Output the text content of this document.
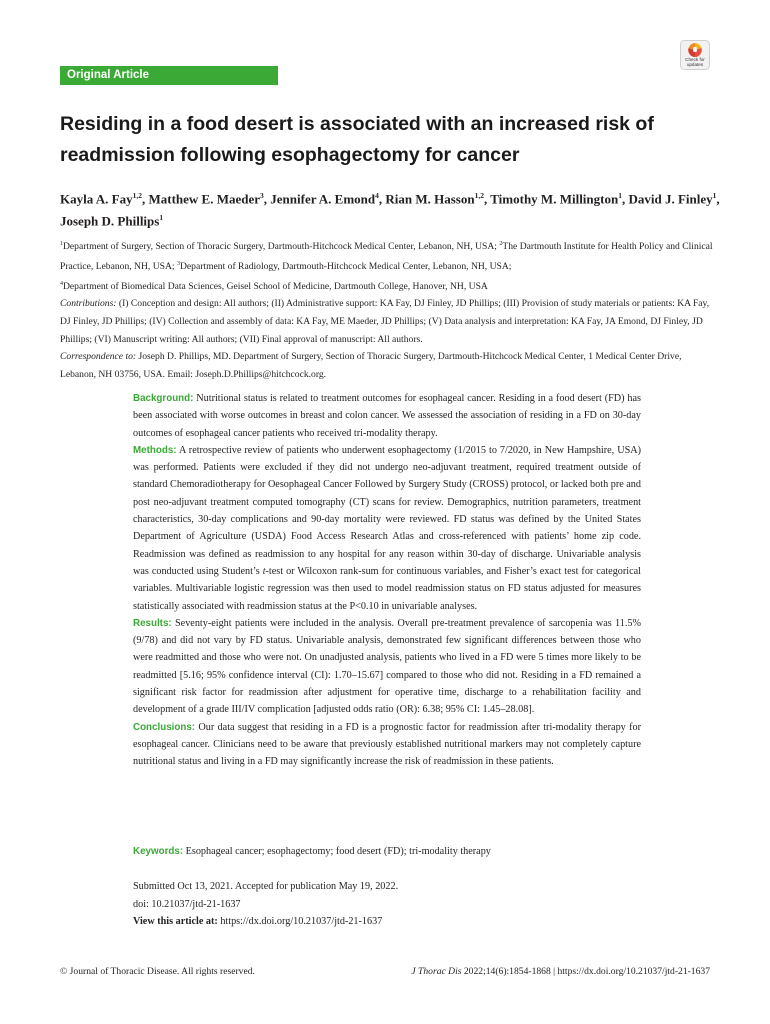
Check for
updates
Original Article
Residing in a food desert is associated with an increased risk of readmission following esophagectomy for cancer
Kayla A. Fay$^{1,2}$, Matthew E. Maeder$^3$, Jennifer A. Emond$^4$, Rian M. Hasson$^{1,2}$, Timothy M. Millington$^1$, David J. Finley$^1$, Joseph D. Phillips$^1$

$^1$Department of Surgery, Section of Thoracic Surgery, Dartmouth-Hitchcock Medical Center, Lebanon, NH, USA; $^2$The Dartmouth Institute for Health Policy and Clinical Practice, Lebanon, NH, USA; $^3$Department of Radiology, Dartmouth-Hitchcock Medical Center, Lebanon, NH, USA;
$^4$Department of Biomedical Data Sciences, Geisel School of Medicine, Dartmouth College, Hanover, NH, USA

Contributions: (I) Conception and design: All authors; (II) Administrative support: KA Fay, DJ Finley, JD Phillips; (III) Provision of study materials or patients: KA Fay, DJ Finley, JD Phillips; (IV) Collection and assembly of data: KA Fay, ME Maeder, JD Phillips; (V) Data analysis and interpretation: KA Fay, JA Emond, DJ Finley, JD Phillips; (VI) Manuscript writing: All authors; (VII) Final approval of manuscript: All authors.

Correspondence to: Joseph D. Phillips, MD. Department of Surgery, Section of Thoracic Surgery, Dartmouth-Hitchcock Medical Center, 1 Medical Center Drive, Lebanon, NH 03756, USA. Email: Joseph.D.Phillips@hitchcock.org.

Background: Nutritional status is related to treatment outcomes for esophageal cancer. Residing in a food desert (FD) has been associated with worse outcomes in breast and colon cancer. We assessed the association of residing in a FD on 30-day outcomes of esophageal cancer patients who received tri-modality therapy.

Methods: A retrospective review of patients who underwent esophagectomy (1/2015 to 7/2020, in New Hampshire, USA) was performed. Patients were excluded if they did not undergo neo-adjuvant treatment, required treatment outside of standard Chemoradiotherapy for Oesophageal Cancer Followed by Surgery Study (CROSS) protocol, or lacked both pre and post neo-adjuvant treatment computed tomography (CT) scans for review. Demographics, nutrition parameters, treatment characteristics, 30-day complications and 90-day mortality were reviewed. FD status was defined by the United States Department of Agriculture (USDA) Food Access Research Atlas and cross-referenced with patients’ home zip code. Readmission was defined as readmission to any hospital for any reason within 30-day of discharge. Univariable analysis was conducted using Student’s t-test or Wilcoxon rank-sum for continuous variables, and Fisher’s exact test for categorical variables. Multivariable logistic regression was then used to model readmission status on FD status adjusted for measures statistically associated with readmission status at the P<0.10 in univariable analyses.

Results: Seventy-eight patients were included in the analysis. Overall pre-treatment prevalence of sarcopenia was 11.5% (9/78) and did not vary by FD status. Univariable analysis, demonstrated few significant differences between those who were readmitted and those who were not. On unadjusted analysis, patients who lived in a FD were 5 times more likely to be readmitted [5.16; 95% confidence interval (CI): 1.70–15.67] compared to those who did not. Residing in a FD remained a significant risk factor for readmission after adjustment for operative time, discharge to a rehabilitation facility and development of a grade III/IV complication [adjusted odds ratio (OR): 6.38; 95% CI: 1.45–28.08].

Conclusions: Our data suggest that residing in a FD is a prognostic factor for readmission after tri-modality therapy for esophageal cancer. Clinicians need to be aware that previously established nutritional markers may not completely capture nutritional status and living in a FD may significantly increase the risk of readmission in these patients.

Keywords: Esophageal cancer; esophagectomy; food desert (FD); tri-modality therapy

Submitted Oct 13, 2021. Accepted for publication May 19, 2022.

doi: 10.21037/jtd-21-1637

View this article at: https://dx.doi.org/10.21037/jtd-21-1637

© Journal of Thoracic Disease. All rights reserved.	J Thorac Dis 2022;14(6):1854-1868 | https://dx.doi.org/10.21037/jtd-21-1637
